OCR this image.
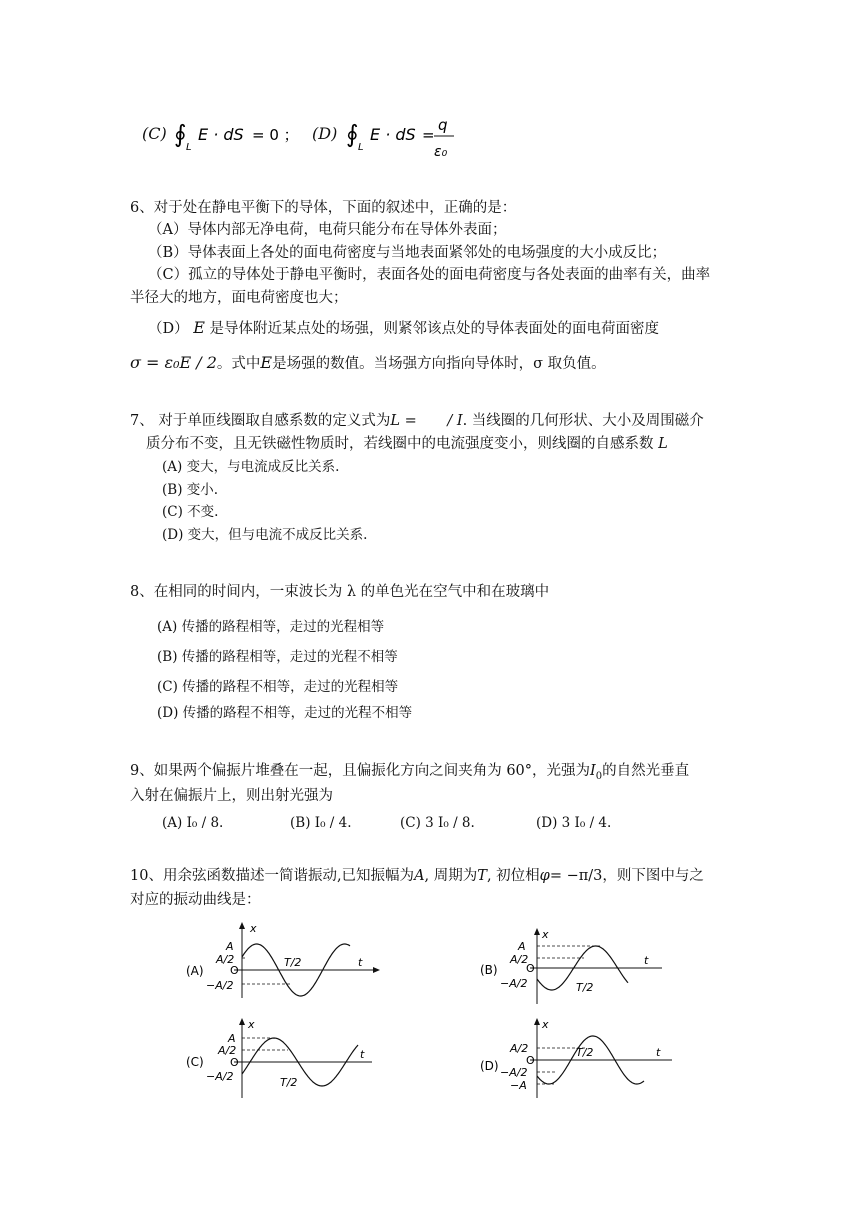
(C) ∮ L
E · dS = 0 ； (D) ∮ L
E · dS =
q
ε₀
6、对于处在静电平衡下的导体，下面的叙述中，正确的是：
（A）导体内部无净电荷，电荷只能分布在导体外表面；
（B）导体表面上各处的面电荷密度与当地表面紧邻处的电场强度的大小成反比；
（C）孤立的导体处于静电平衡时，表面各处的面电荷密度与各处表面的曲率有关，曲率
半径大的地方，面电荷密度也大；
（D） E 是导体附近某点处的场强，则紧邻该点处的导体表面处的面电荷面密度
σ = ε₀E / 2。式中E是场强的数值。当场强方向指向导体时，σ 取负值。
7、 对于单匝线圈取自感系数的定义式为L = / I. 当线圈的几何形状、大小及周围磁介
质分布不变，且无铁磁性物质时，若线圈中的电流强度变小，则线圈的自感系数 L
(A) 变大，与电流成反比关系.
(B) 变小.
(C) 不变.
(D) 变大，但与电流不成反比关系.
8、在相同的时间内，一束波长为 λ 的单色光在空气中和在玻璃中
(A) 传播的路程相等，走过的光程相等
(B) 传播的路程相等，走过的光程不相等
(C) 传播的路程不相等，走过的光程相等
(D) 传播的路程不相等，走过的光程不相等
9、如果两个偏振片堆叠在一起，且偏振化方向之间夹角为 60°，光强为$I_0$的自然光垂直
入射在偏振片上，则出射光强为
(A) I₀ / 8.	(B) I₀ / 4.	(C) 3 I₀ / 8.	(D) 3 I₀ / 4.
10、用余弦函数描述一简谐振动,已知振幅为A, 周期为T, 初位相φ= −π/3，则下图中与之
对应的振动曲线是：
(A)
x
t
A
A/2
O
−A/2
T/2
(B)
x
t
A
A/2
O
−A/2	T/2
(C)
x
t
A
A/2
O
−A/2	T/2
(D)
x
t
A/2
O
−A/2
−A
T/2
